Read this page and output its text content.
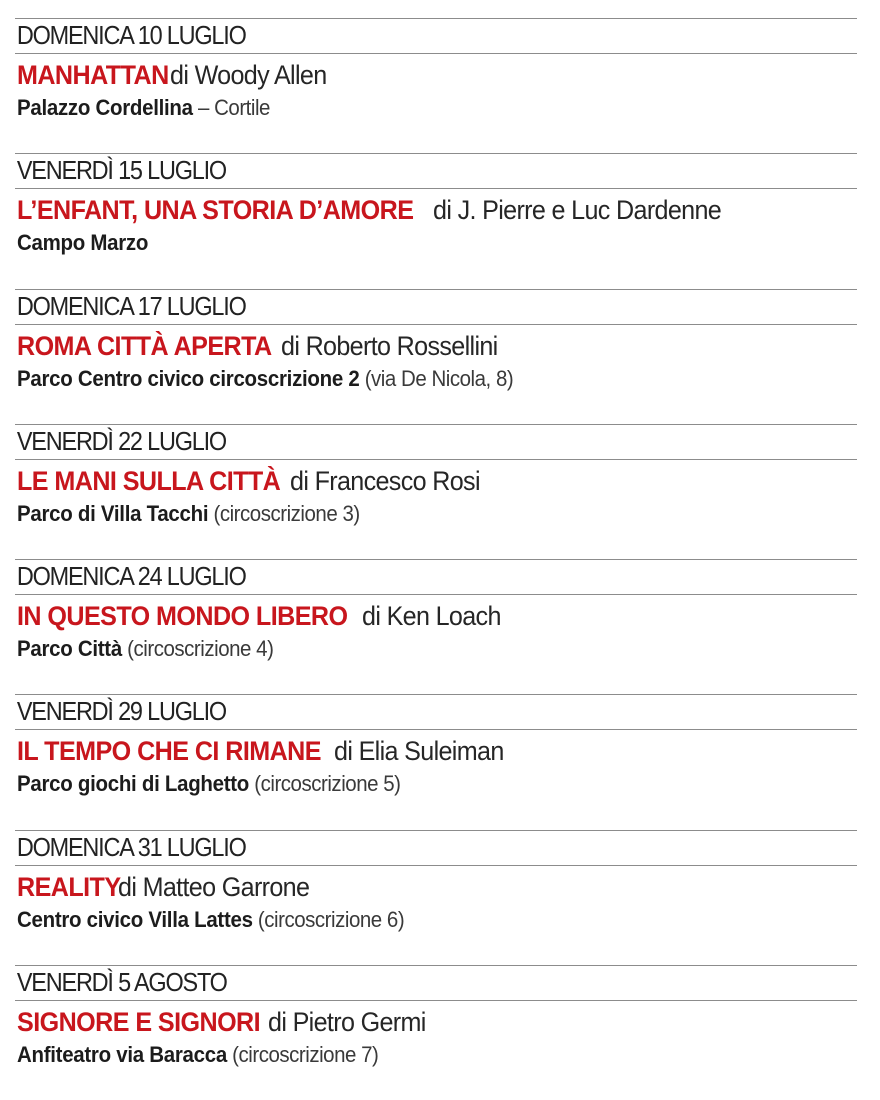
DOMENICA 10 LUGLIO
MANHATTANdi Woody Allen
Palazzo Cordellina – Cortile
VENERDÌ 15 LUGLIO
L’ENFANT, UNA STORIA D’AMOREdi J. Pierre e Luc Dardenne
Campo Marzo
DOMENICA 17 LUGLIO
ROMA CITTÀ APERTAdi Roberto Rossellini
Parco Centro civico circoscrizione 2 (via De Nicola, 8)
VENERDÌ 22 LUGLIO
LE MANI SULLA CITTÀdi Francesco Rosi
Parco di Villa Tacchi (circoscrizione 3)
DOMENICA 24 LUGLIO
IN QUESTO MONDO LIBEROdi Ken Loach
Parco Città (circoscrizione 4)
VENERDÌ 29 LUGLIO
IL TEMPO CHE CI RIMANEdi Elia Suleiman
Parco giochi di Laghetto (circoscrizione 5)
DOMENICA 31 LUGLIO
REALITYdi Matteo Garrone
Centro civico Villa Lattes (circoscrizione 6)
VENERDÌ 5 AGOSTO
SIGNORE E SIGNORIdi Pietro Germi
Anfiteatro via Baracca (circoscrizione 7)
